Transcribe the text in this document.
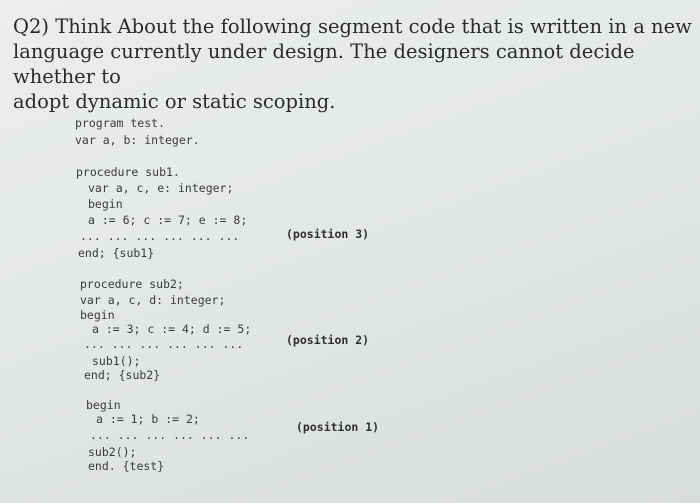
Q2) Think About the following segment code that is written in a new
language currently under design. The designers cannot decide whether to
adopt dynamic or static scoping.

program test.
var a, b: integer.
procedure sub1.
var a, c, e: integer;
begin
a := 6; c := 7; e := 8;
... ... ... ... ... ...	(position 3)
end; {sub1}
procedure sub2;
var a, c, d: integer;
begin
a := 3; c := 4; d := 5;
... ... ... ... ... ...	(position 2)
sub1();
end; {sub2}
begin
a := 1; b := 2;
... ... ... ... ... ...
(position 1)
sub2();
end. {test}
